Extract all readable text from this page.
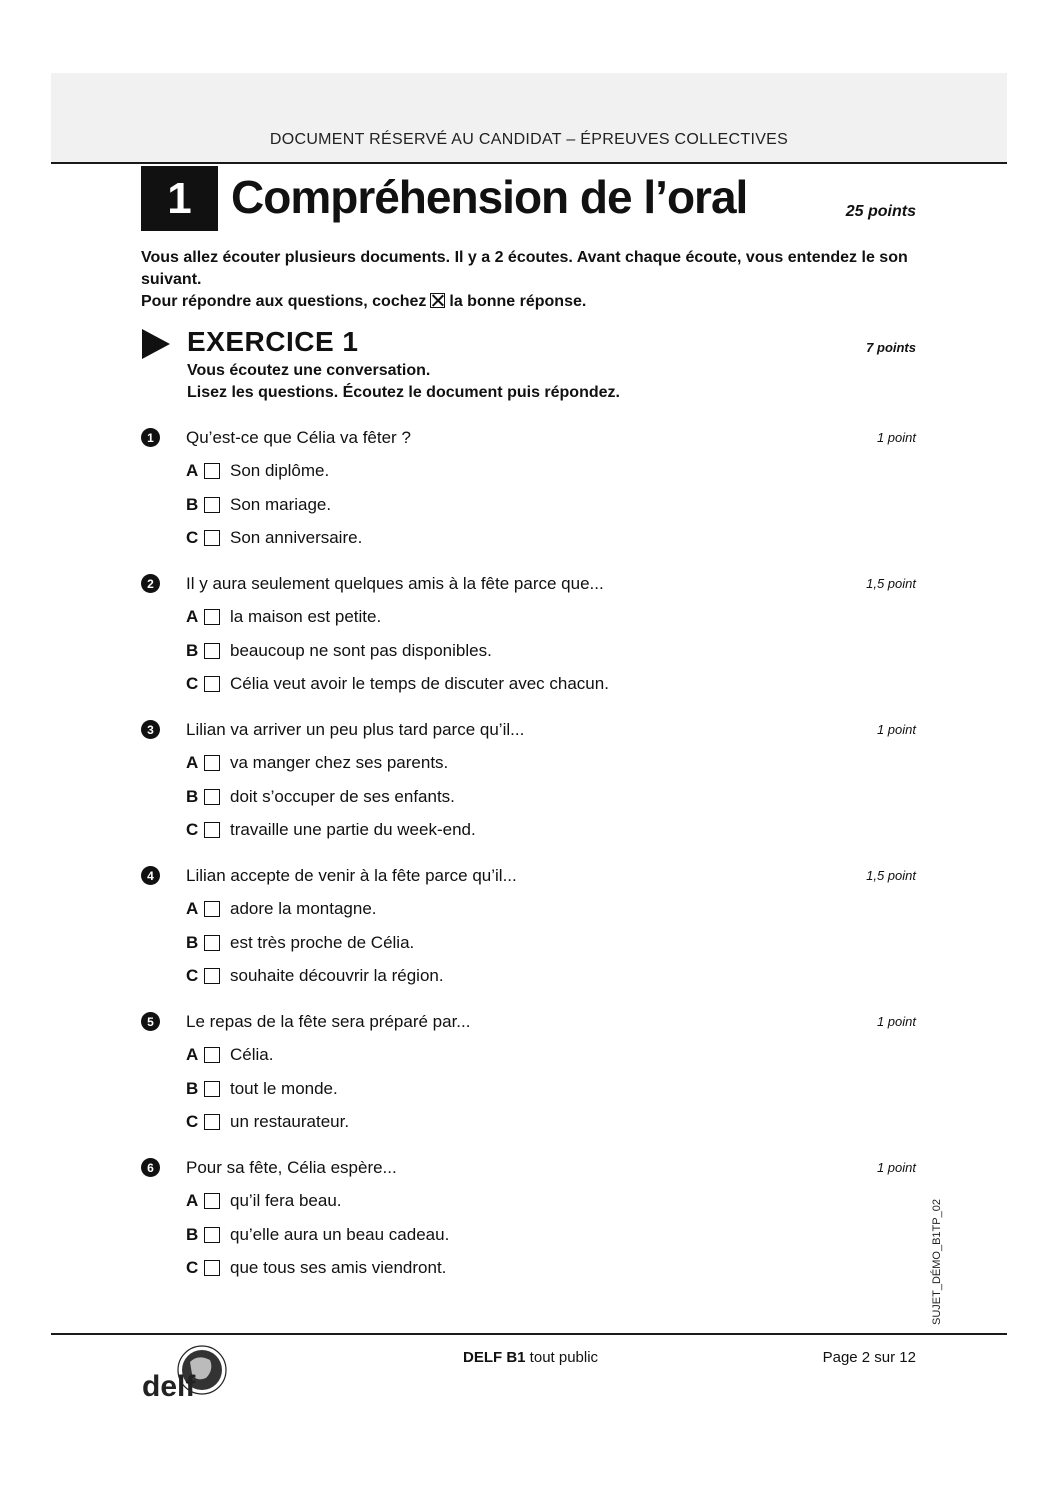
DOCUMENT RÉSERVÉ AU CANDIDAT – ÉPREUVES COLLECTIVES
1 Compréhension de l’oral	25 points

Vous allez écouter plusieurs documents. Il y a 2 écoutes. Avant chaque écoute, vous entendez le son suivant.

Pour répondre aux questions, cochez la bonne réponse.

EXERCICE 1	7 points

Vous écoutez une conversation.

Lisez les questions. Écoutez le document puis répondez.

1	Qu’est-ce que Célia va fêter ?	1 point
A	Son diplôme.
B	Son mariage.
C	Son anniversaire.
2	Il y aura seulement quelques amis à la fête parce que...	1,5 point
A	la maison est petite.
B	beaucoup ne sont pas disponibles.
C	Célia veut avoir le temps de discuter avec chacun.
3	Lilian va arriver un peu plus tard parce qu’il...	1 point
A	va manger chez ses parents.
B	doit s’occuper de ses enfants.
C	travaille une partie du week-end.
4	Lilian accepte de venir à la fête parce qu’il...	1,5 point
A	adore la montagne.
B	est très proche de Célia.
C	souhaite découvrir la région.
5	Le repas de la fête sera préparé par...	1 point
A	Célia.
B	tout le monde.
C	un restaurateur.
6	Pour sa fête, Célia espère...	1 point
A	qu’il fera beau.
B	qu’elle aura un beau cadeau.
C	que tous ses amis viendront.	SUJET_DÉMO_B1TP_02
delf
DELF B1 tout public	Page 2 sur 12
